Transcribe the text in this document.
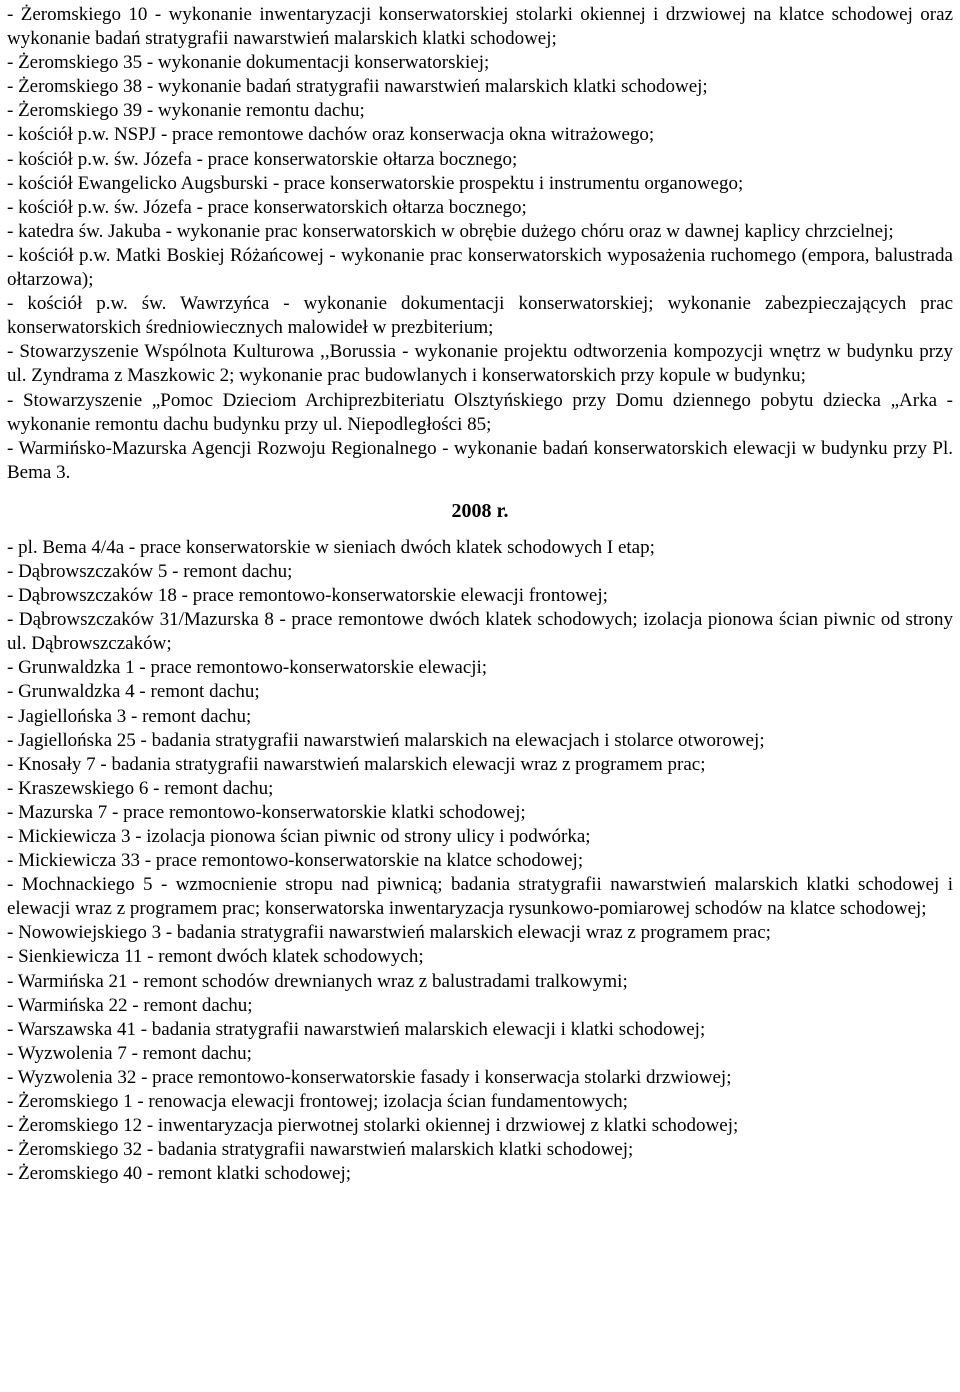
- Żeromskiego 10 - wykonanie inwentaryzacji konserwatorskiej stolarki okiennej i drzwiowej na klatce schodowej oraz wykonanie badań stratygrafii nawarstwień malarskich klatki schodowej;

- Żeromskiego 35 - wykonanie dokumentacji konserwatorskiej;

- Żeromskiego 38 - wykonanie badań stratygrafii nawarstwień malarskich klatki schodowej;

- Żeromskiego 39 - wykonanie remontu dachu;

- kościół p.w. NSPJ - prace remontowe dachów oraz konserwacja okna witrażowego;

- kościół p.w. św. Józefa - prace konserwatorskie ołtarza bocznego;

- kościół Ewangelicko Augsburski - prace konserwatorskie prospektu i instrumentu organowego;

- kościół p.w. św. Józefa - prace konserwatorskich ołtarza bocznego;

- katedra św. Jakuba - wykonanie prac konserwatorskich w obrębie dużego chóru oraz w dawnej kaplicy chrzcielnej;

- kościół p.w. Matki Boskiej Różańcowej - wykonanie prac konserwatorskich wyposażenia ruchomego (empora, balustrada ołtarzowa);

- kościół p.w. św. Wawrzyńca - wykonanie dokumentacji konserwatorskiej; wykonanie zabezpieczających prac konserwatorskich średniowiecznych malowideł w prezbiterium;

- Stowarzyszenie Wspólnota Kulturowa ,,Borussia - wykonanie projektu odtworzenia kompozycji wnętrz w budynku przy ul. Zyndrama z Maszkowic 2; wykonanie prac budowlanych i konserwatorskich przy kopule w budynku;

- Stowarzyszenie „Pomoc Dzieciom Archiprezbiteriatu Olsztyńskiego przy Domu dziennego pobytu dziecka „Arka - wykonanie remontu dachu budynku przy ul. Niepodległości 85;

- Warmińsko-Mazurska Agencji Rozwoju Regionalnego - wykonanie badań konserwatorskich elewacji w budynku przy Pl. Bema 3.

2008 r.

- pl. Bema 4/4a - prace konserwatorskie w sieniach dwóch klatek schodowych I etap;

- Dąbrowszczaków 5 - remont dachu;

- Dąbrowszczaków 18 - prace remontowo-konserwatorskie elewacji frontowej;

- Dąbrowszczaków 31/Mazurska 8 - prace remontowe dwóch klatek schodowych; izolacja pionowa ścian piwnic od strony ul. Dąbrowszczaków;

- Grunwaldzka 1 - prace remontowo-konserwatorskie elewacji;

- Grunwaldzka 4 - remont dachu;

- Jagiellońska 3 - remont dachu;

- Jagiellońska 25 - badania stratygrafii nawarstwień malarskich na elewacjach i stolarce otworowej;

- Knosały 7 - badania stratygrafii nawarstwień malarskich elewacji wraz z programem prac;

- Kraszewskiego 6 - remont dachu;

- Mazurska 7 - prace remontowo-konserwatorskie klatki schodowej;

- Mickiewicza 3 - izolacja pionowa ścian piwnic od strony ulicy i podwórka;

- Mickiewicza 33 - prace remontowo-konserwatorskie na klatce schodowej;

- Mochnackiego 5 - wzmocnienie stropu nad piwnicą; badania stratygrafii nawarstwień malarskich klatki schodowej i elewacji wraz z programem prac; konserwatorska inwentaryzacja rysunkowo-pomiarowej schodów na klatce schodowej;

- Nowowiejskiego 3 - badania stratygrafii nawarstwień malarskich elewacji wraz z programem prac;

- Sienkiewicza 11 - remont dwóch klatek schodowych;

- Warmińska 21 - remont schodów drewnianych wraz z balustradami tralkowymi;

- Warmińska 22 - remont dachu;

- Warszawska 41 - badania stratygrafii nawarstwień malarskich elewacji i klatki schodowej;

- Wyzwolenia 7 - remont dachu;

- Wyzwolenia 32 - prace remontowo-konserwatorskie fasady i konserwacja stolarki drzwiowej;

- Żeromskiego 1 - renowacja elewacji frontowej; izolacja ścian fundamentowych;

- Żeromskiego 12 - inwentaryzacja pierwotnej stolarki okiennej i drzwiowej z klatki schodowej;

- Żeromskiego 32 - badania stratygrafii nawarstwień malarskich klatki schodowej;

- Żeromskiego 40 - remont klatki schodowej;
